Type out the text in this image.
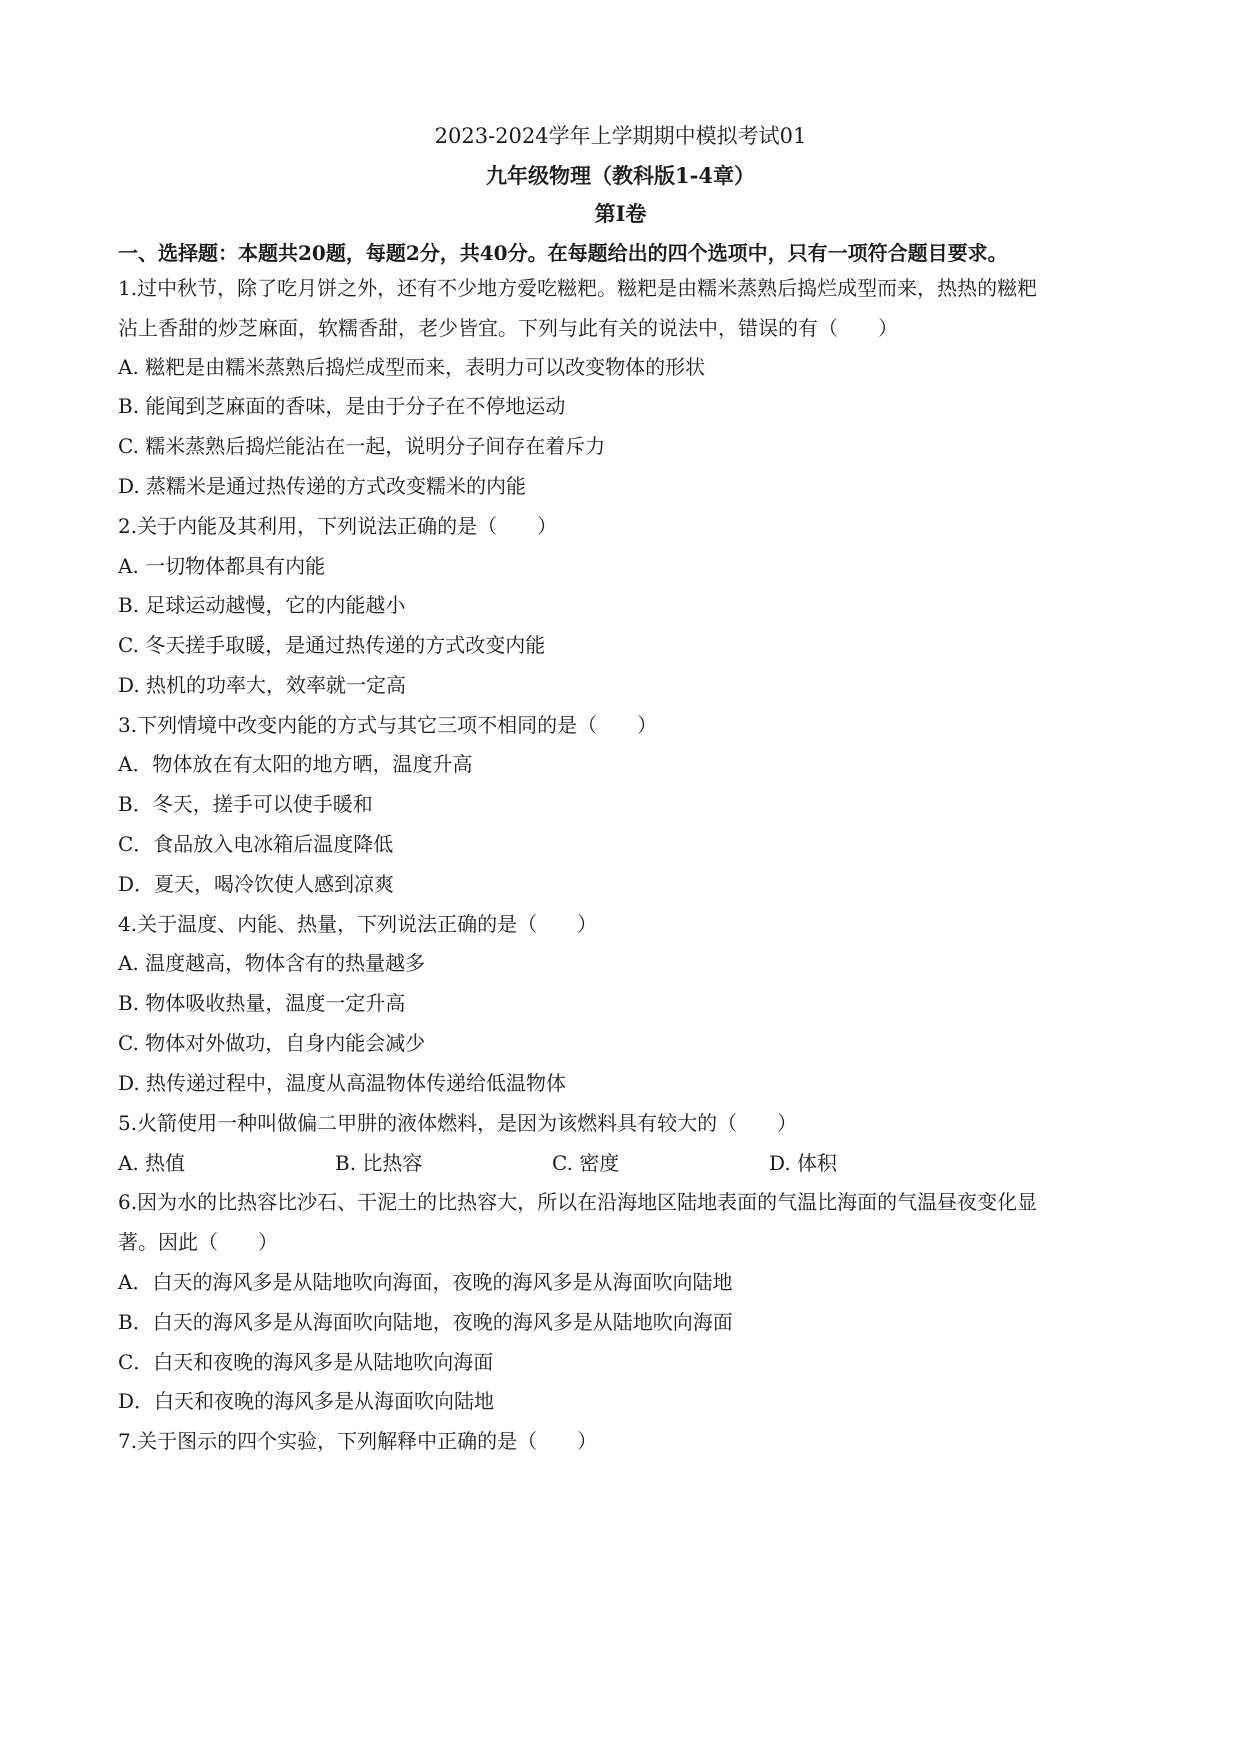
2023-2024学年上学期期中模拟考试01
九年级物理（教科版1-4章）
第Ⅰ卷
一、选择题：本题共20题，每题2分，共40分。在每题给出的四个选项中，只有一项符合题目要求。
1.过中秋节，除了吃月饼之外，还有不少地方爱吃糍粑。糍粑是由糯米蒸熟后捣烂成型而来，热热的糍粑
沾上香甜的炒芝麻面，软糯香甜，老少皆宜。下列与此有关的说法中，错误的有（　　）
A. 糍粑是由糯米蒸熟后捣烂成型而来，表明力可以改变物体的形状
B. 能闻到芝麻面的香味，是由于分子在不停地运动
C. 糯米蒸熟后捣烂能沾在一起，说明分子间存在着斥力
D. 蒸糯米是通过热传递的方式改变糯米的内能
2.关于内能及其利用，下列说法正确的是（　　）
A. 一切物体都具有内能
B. 足球运动越慢，它的内能越小
C. 冬天搓手取暖，是通过热传递的方式改变内能
D. 热机的功率大，效率就一定高
3.下列情境中改变内能的方式与其它三项不相同的是（　　）
A．物体放在有太阳的地方晒，温度升高
B．冬天，搓手可以使手暖和
C．食品放入电冰箱后温度降低
D．夏天，喝冷饮使人感到凉爽
4.关于温度、内能、热量，下列说法正确的是（　　）
A. 温度越高，物体含有的热量越多
B. 物体吸收热量，温度一定升高
C. 物体对外做功，自身内能会减少
D. 热传递过程中，温度从高温物体传递给低温物体
5.火箭使用一种叫做偏二甲肼的液体燃料，是因为该燃料具有较大的（　　）
A. 热值	B. 比热容	C. 密度	D. 体积
6.因为水的比热容比沙石、干泥土的比热容大，所以在沿海地区陆地表面的气温比海面的气温昼夜变化显
著。因此（　　）
A．白天的海风多是从陆地吹向海面，夜晚的海风多是从海面吹向陆地
B．白天的海风多是从海面吹向陆地，夜晚的海风多是从陆地吹向海面
C．白天和夜晚的海风多是从陆地吹向海面
D．白天和夜晚的海风多是从海面吹向陆地
7.关于图示的四个实验，下列解释中正确的是（　　）
